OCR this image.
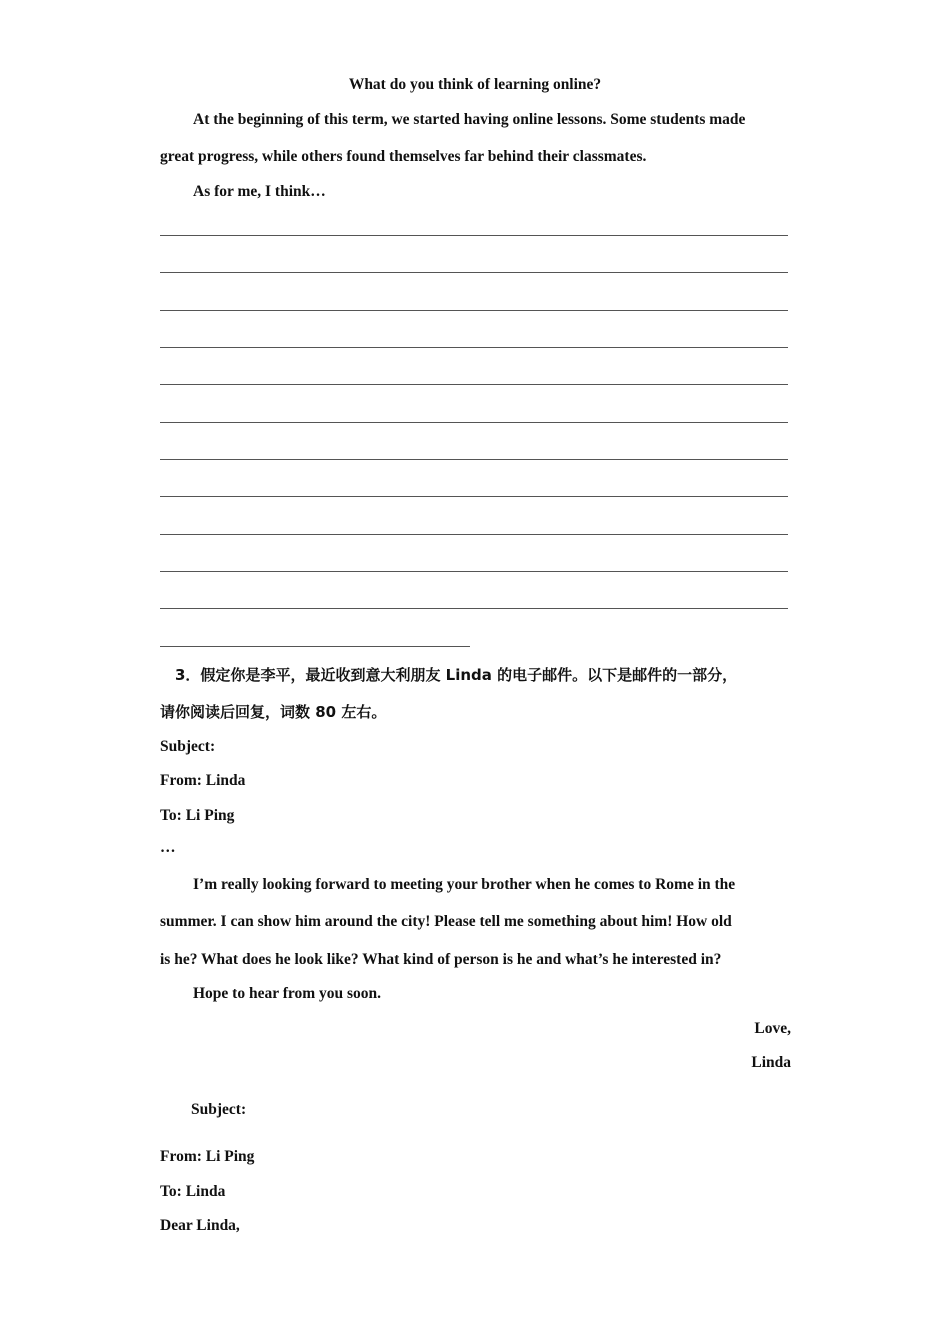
What do you think of learning online?
At the beginning of this term, we started having online lessons. Some students made
great progress, while others found themselves far behind their classmates.
As for me, I think…
3．假定你是李平，最近收到意大利朋友 Linda 的电子邮件。以下是邮件的一部分，
请你阅读后回复，词数 80 左右。
Subject:
From: Linda
To: Li Ping
…
I’m really looking forward to meeting your brother when he comes to Rome in the
summer. I can show him around the city! Please tell me something about him! How old
is he? What does he look like? What kind of person is he and what’s he interested in?
Hope to hear from you soon.
Love,
Linda
Subject:
From: Li Ping
To: Linda
Dear Linda,
